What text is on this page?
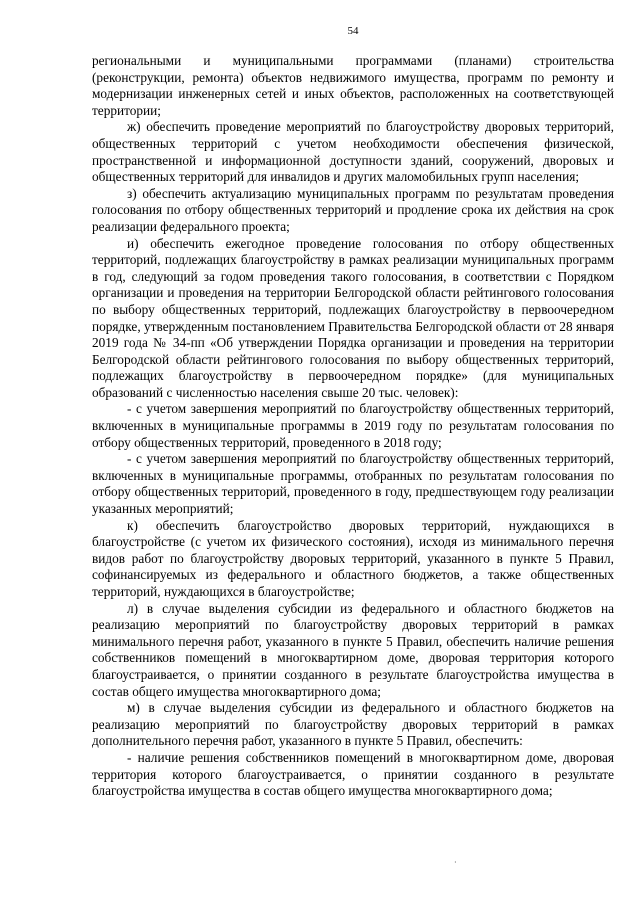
54

региональными и муниципальными программами (планами) строительства (реконструкции, ремонта) объектов недвижимого имущества, программ по ремонту и модернизации инженерных сетей и иных объектов, расположенных на соответствующей территории;

ж) обеспечить проведение мероприятий по благоустройству дворовых территорий, общественных территорий с учетом необходимости обеспечения физической, пространственной и информационной доступности зданий, сооружений, дворовых и общественных территорий для инвалидов и других маломобильных групп населения;

з) обеспечить актуализацию муниципальных программ по результатам проведения голосования по отбору общественных территорий и продление срока их действия на срок реализации федерального проекта;

и) обеспечить ежегодное проведение голосования по отбору общественных территорий, подлежащих благоустройству в рамках реализации муниципальных программ в год, следующий за годом проведения такого голосования, в соответствии с Порядком организации и проведения на территории Белгородской области рейтингового голосования по выбору общественных территорий, подлежащих благоустройству в первоочередном порядке, утвержденным постановлением Правительства Белгородской области от 28 января 2019 года № 34-пп «Об утверждении Порядка организации и проведения на территории Белгородской области рейтингового голосования по выбору общественных территорий, подлежащих благоустройству в первоочередном порядке» (для муниципальных образований с численностью населения свыше 20 тыс. человек):

- с учетом завершения мероприятий по благоустройству общественных территорий, включенных в муниципальные программы в 2019 году по результатам голосования по отбору общественных территорий, проведенного в 2018 году;

- с учетом завершения мероприятий по благоустройству общественных территорий, включенных в муниципальные программы, отобранных по результатам голосования по отбору общественных территорий, проведенного в году, предшествующем году реализации указанных мероприятий;

к) обеспечить благоустройство дворовых территорий, нуждающихся в благоустройстве (с учетом их физического состояния), исходя из минимального перечня видов работ по благоустройству дворовых территорий, указанного в пункте 5 Правил, софинансируемых из федерального и областного бюджетов, а также общественных территорий, нуждающихся в благоустройстве;

л) в случае выделения субсидии из федерального и областного бюджетов на реализацию мероприятий по благоустройству дворовых территорий в рамках минимального перечня работ, указанного в пункте 5 Правил, обеспечить наличие решения собственников помещений в многоквартирном доме, дворовая территория которого благоустраивается, о принятии созданного в результате благоустройства имущества в состав общего имущества многоквартирного дома;

м) в случае выделения субсидии из федерального и областного бюджетов на реализацию мероприятий по благоустройству дворовых территорий в рамках дополнительного перечня работ, указанного в пункте 5 Правил, обеспечить:

- наличие решения собственников помещений в многоквартирном доме, дворовая территория которого благоустраивается, о принятии созданного в результате благоустройства имущества в состав общего имущества многоквартирного дома;

·
